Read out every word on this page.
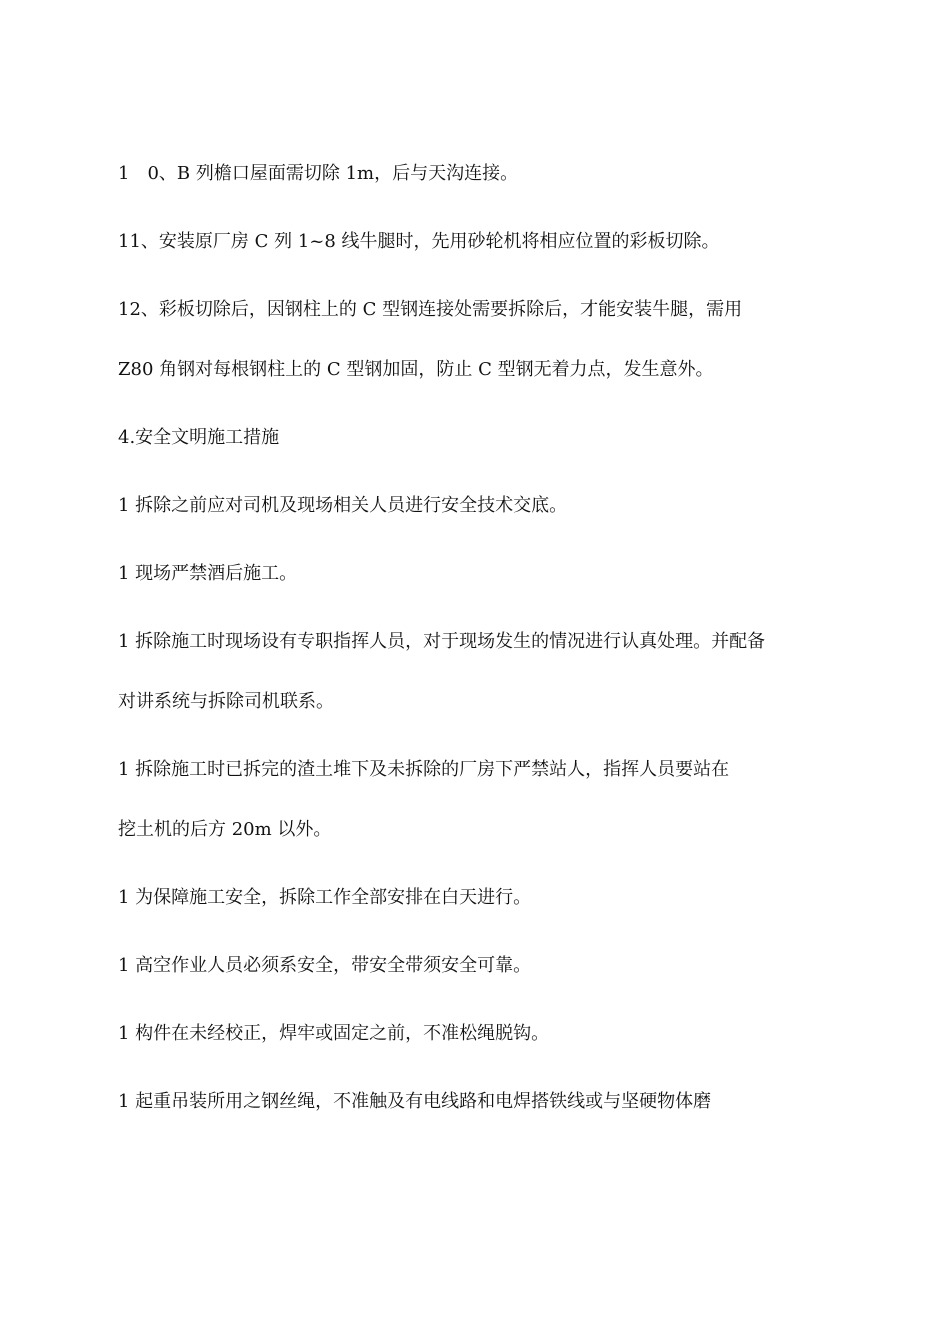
1　0、B 列檐口屋面需切除 1m，后与天沟连接。

11、安装原厂房 C 列 1~8 线牛腿时，先用砂轮机将相应位置的彩板切除。

12、彩板切除后，因钢柱上的 C 型钢连接处需要拆除后，才能安装牛腿，需用

Z80 角钢对每根钢柱上的 C 型钢加固，防止 C 型钢无着力点，发生意外。

4.安全文明施工措施

1 拆除之前应对司机及现场相关人员进行安全技术交底。

1 现场严禁酒后施工。

1 拆除施工时现场设有专职指挥人员，对于现场发生的情况进行认真处理。并配备

对讲系统与拆除司机联系。

1 拆除施工时已拆完的渣土堆下及未拆除的厂房下严禁站人，指挥人员要站在

挖土机的后方 20m 以外。

1 为保障施工安全，拆除工作全部安排在白天进行。

1 高空作业人员必须系安全，带安全带须安全可靠。

1 构件在未经校正，焊牢或固定之前，不准松绳脱钩。

1 起重吊装所用之钢丝绳，不准触及有电线路和电焊搭铁线或与坚硬物体磨
